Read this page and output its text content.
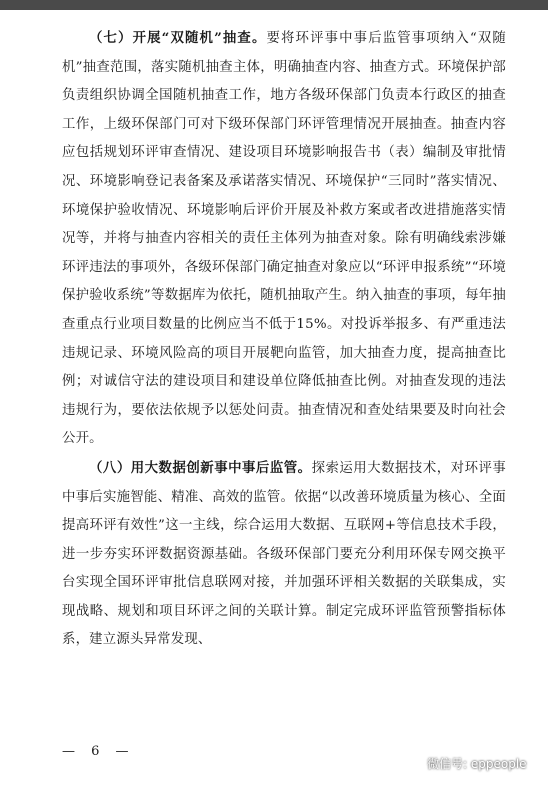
（七）开展“双随机”抽查。要将环评事中事后监管事项纳入“双随机”抽查范围，落实随机抽查主体，明确抽查内容、抽查方式。环境保护部负责组织协调全国随机抽查工作，地方各级环保部门负责本行政区的抽查工作，上级环保部门可对下级环保部门环评管理情况开展抽查。抽查内容应包括规划环评审查情况、建设项目环境影响报告书（表）编制及审批情况、环境影响登记表备案及承诺落实情况、环境保护“三同时”落实情况、环境保护验收情况、环境影响后评价开展及补救方案或者改进措施落实情况等，并将与抽查内容相关的责任主体列为抽查对象。除有明确线索涉嫌环评违法的事项外，各级环保部门确定抽查对象应以“环评申报系统”“环境保护验收系统”等数据库为依托，随机抽取产生。纳入抽查的事项，每年抽查重点行业项目数量的比例应当不低于15%。对投诉举报多、有严重违法违规记录、环境风险高的项目开展靶向监管，加大抽查力度，提高抽查比例；对诚信守法的建设项目和建设单位降低抽查比例。对抽查发现的违法违规行为，要依法依规予以惩处问责。抽查情况和查处结果要及时向社会公开。

（八）用大数据创新事中事后监管。探索运用大数据技术，对环评事中事后实施智能、精准、高效的监管。依据“以改善环境质量为核心、全面提高环评有效性”这一主线，综合运用大数据、互联网+等信息技术手段，进一步夯实环评数据资源基础。各级环保部门要充分利用环保专网交换平台实现全国环评审批信息联网对接，并加强环评相关数据的关联集成，实现战略、规划和项目环评之间的关联计算。制定完成环评监管预警指标体系，建立源头异常发现、

— 6 —
微信号: eppeople
